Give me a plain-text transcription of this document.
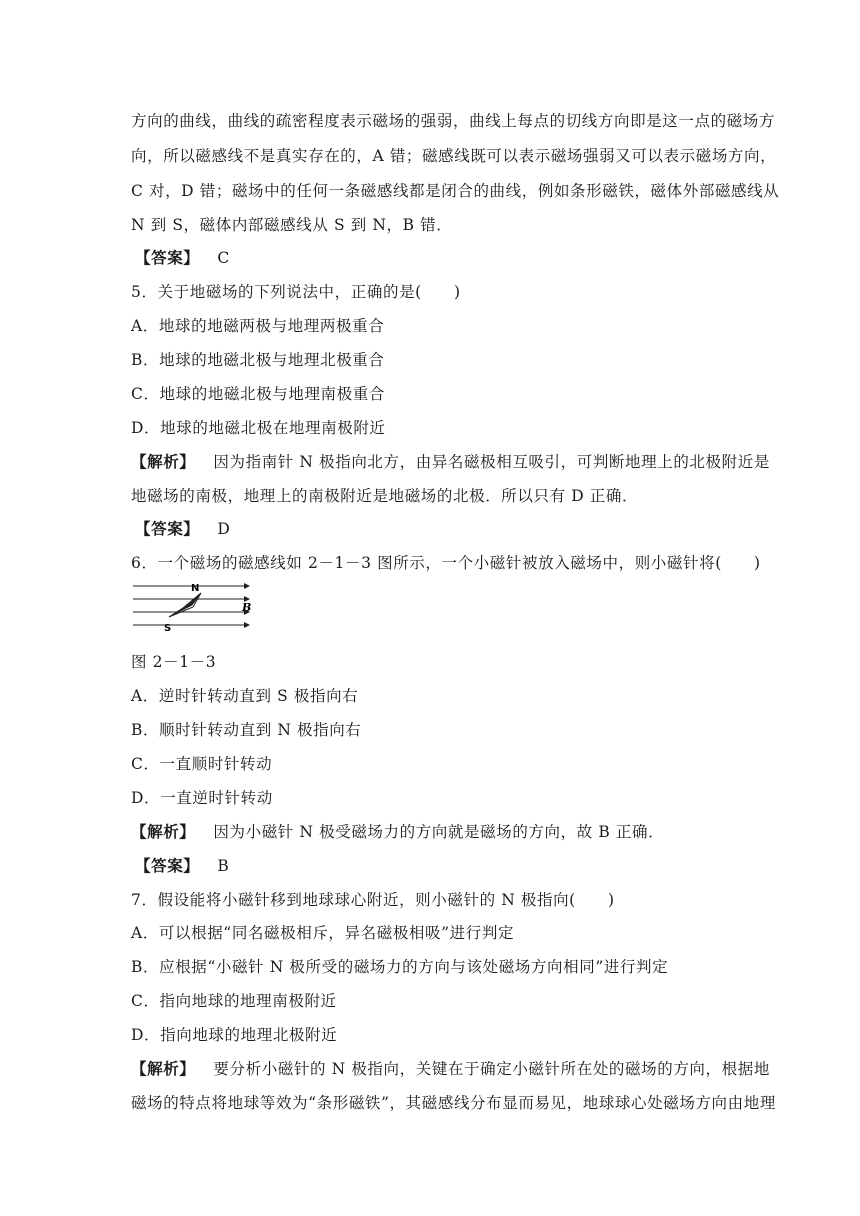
方向的曲线，曲线的疏密程度表示磁场的强弱，曲线上每点的切线方向即是这一点的磁场方
向，所以磁感线不是真实存在的，A 错；磁感线既可以表示磁场强弱又可以表示磁场方向，
C 对，D 错；磁场中的任何一条磁感线都是闭合的曲线，例如条形磁铁，磁体外部磁感线从
N 到 S，磁体内部磁感线从 S 到 N，B 错．
【答案】 C
5．关于地磁场的下列说法中，正确的是(　　)
A．地球的地磁两极与地理两极重合
B．地球的地磁北极与地理北极重合
C．地球的地磁北极与地理南极重合
D．地球的地磁北极在地理南极附近
【解析】 因为指南针 N 极指向北方，由异名磁极相互吸引，可判断地理上的北极附近是
地磁场的南极，地理上的南极附近是地磁场的北极．所以只有 D 正确．
【答案】 D
6．一个磁场的磁感线如 2－1－3 图所示，一个小磁针被放入磁场中，则小磁针将(　　)
N
S
B
图 2－1－3
A．逆时针转动直到 S 极指向右
B．顺时针转动直到 N 极指向右
C．一直顺时针转动
D．一直逆时针转动
【解析】 因为小磁针 N 极受磁场力的方向就是磁场的方向，故 B 正确．
【答案】 B
7．假设能将小磁针移到地球球心附近，则小磁针的 N 极指向(　　)
A．可以根据“同名磁极相斥，异名磁极相吸”进行判定
B．应根据“小磁针 N 极所受的磁场力的方向与该处磁场方向相同”进行判定
C．指向地球的地理南极附近
D．指向地球的地理北极附近
【解析】 要分析小磁针的 N 极指向，关键在于确定小磁针所在处的磁场的方向，根据地
磁场的特点将地球等效为“条形磁铁”，其磁感线分布显而易见，地球球心处磁场方向由地理
